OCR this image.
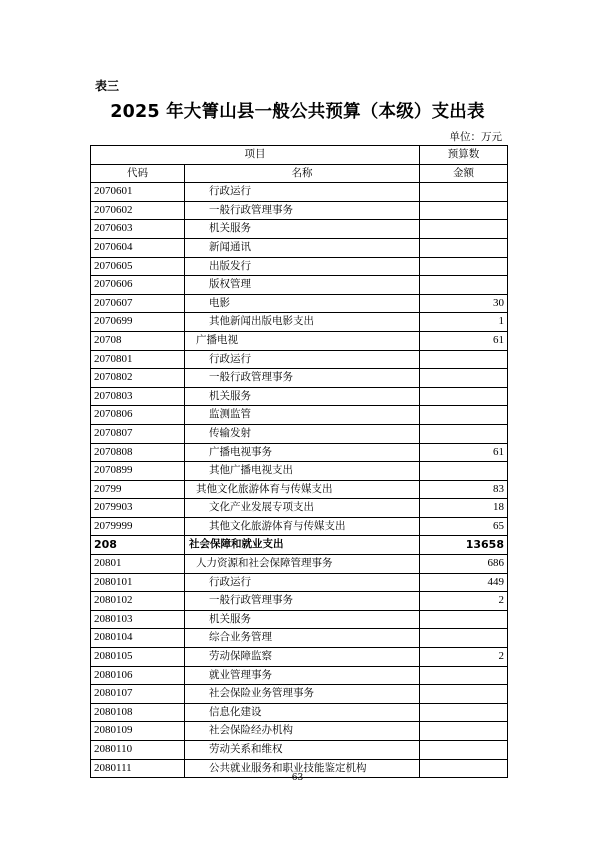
表三
2025 年大箐山县一般公共预算（本级）支出表
单位：万元
项目		预算数
代码	名称	金额
2070601	行政运行	
2070602	一般行政管理事务	
2070603	机关服务	
2070604	新闻通讯	
2070605	出版发行	
2070606	版权管理	
2070607	电影	30
2070699	其他新闻出版电影支出	1
20708	广播电视	61
2070801	行政运行	
2070802	一般行政管理事务	
2070803	机关服务	
2070806	监测监管	
2070807	传输发射	
2070808	广播电视事务	61
2070899	其他广播电视支出	
20799	其他文化旅游体育与传媒支出	83
2079903	文化产业发展专项支出	18
2079999	其他文化旅游体育与传媒支出	65
208	社会保障和就业支出	13658
20801	人力资源和社会保障管理事务	686
2080101	行政运行	449
2080102	一般行政管理事务	2
2080103	机关服务	
2080104	综合业务管理	
2080105	劳动保障监察	2
2080106	就业管理事务	
2080107	社会保险业务管理事务	
2080108	信息化建设	
2080109	社会保险经办机构	
2080110	劳动关系和维权	
2080111	公共就业服务和职业技能鉴定机构	
63
